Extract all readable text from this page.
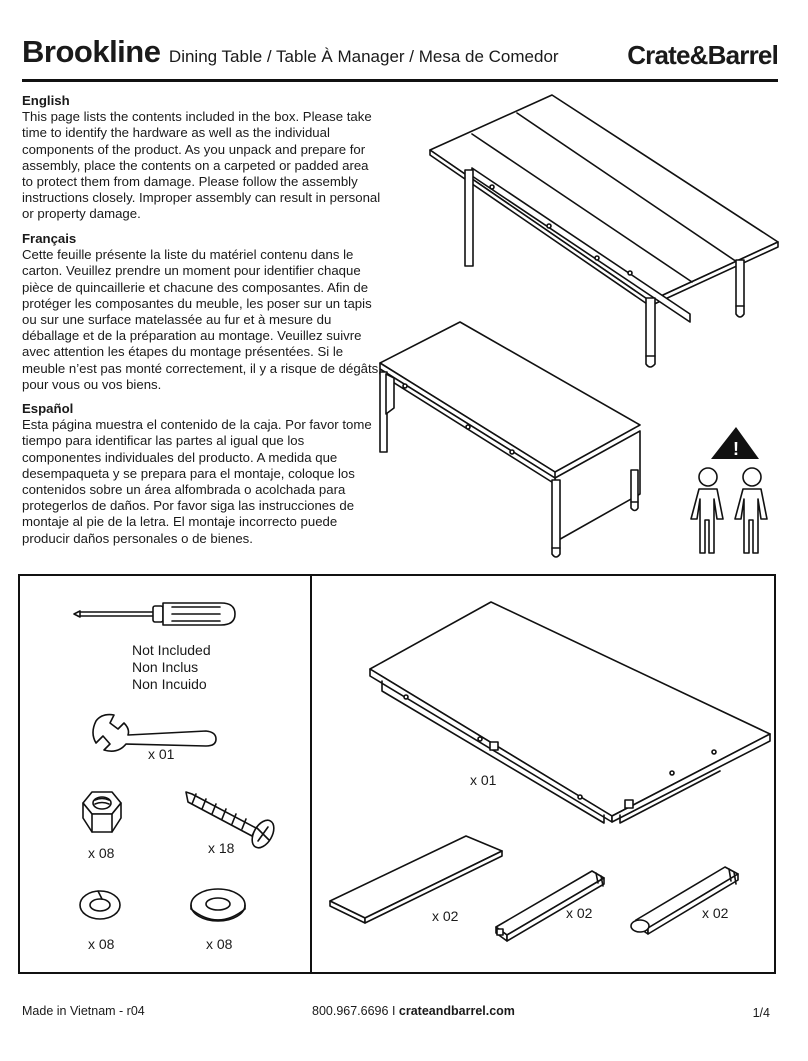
Brookline Dining Table / Table À Manager / Mesa de Comedor	Crate&Barrel
English

This page lists the contents included in the box. Please take time to identify the hardware as well as the individual components of the product. As you unpack and prepare for assembly, place the contents on a carpeted or padded area to protect them from damage. Please follow the assembly instructions closely. Improper assembly can result in personal or property damage.

Français

Cette feuille présente la liste du matériel contenu dans le carton. Veuillez prendre un moment pour identifier chaque pièce de quincaillerie et chacune des composantes. Afin de protéger les composantes du meuble, les poser sur un tapis ou sur une surface matelassée au fur et à mesure du déballage et de la préparation au montage. Veuillez suivre avec attention les étapes du montage présentées. Si le meuble n’est pas monté correctement, il y a risque de dégâts pour vous ou vos biens.

Español

Esta página muestra el contenido de la caja. Por favor tome tiempo para identificar las partes al igual que los componentes individuales del producto. A medida que desempaqueta y se prepara para el montaje, coloque los contenidos sobre un área alfombrada o acolchada para protegerlos de daños. Por favor siga las instrucciones de montaje al pie de la letra. El montaje incorrecto puede producir daños personales o de bienes.

!
Not Included
Non Inclus
Non Incuido
x 01
x 08	x 18
x 08	x 08
x 01
x 02	x 02	x 02
Made in Vietnam - r04	800.967.6696 I crateandbarrel.com	1/4
